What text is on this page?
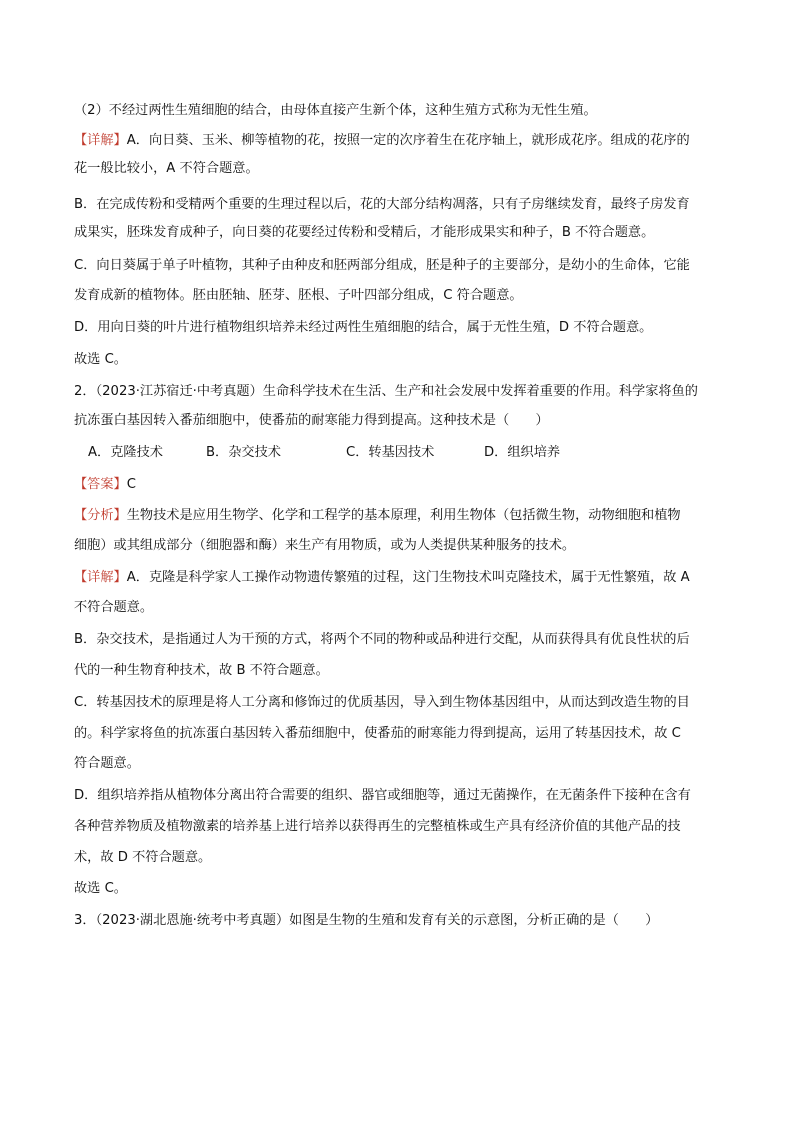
（2）不经过两性生殖细胞的结合，由母体直接产生新个体，这种生殖方式称为无性生殖。
【详解】A．向日葵、玉米、柳等植物的花，按照一定的次序着生在花序轴上，就形成花序。组成的花序的
花一般比较小，A 不符合题意。
B．在完成传粉和受精两个重要的生理过程以后，花的大部分结构凋落，只有子房继续发育，最终子房发育
成果实，胚珠发育成种子，向日葵的花要经过传粉和受精后，才能形成果实和种子，B 不符合题意。
C．向日葵属于单子叶植物，其种子由种皮和胚两部分组成，胚是种子的主要部分，是幼小的生命体，它能
发育成新的植物体。胚由胚轴、胚芽、胚根、子叶四部分组成，C 符合题意。
D．用向日葵的叶片进行植物组织培养未经过两性生殖细胞的结合，属于无性生殖，D 不符合题意。
故选 C。
2．（2023·江苏宿迁·中考真题）生命科学技术在生活、生产和社会发展中发挥着重要的作用。科学家将鱼的
抗冻蛋白基因转入番茄细胞中，使番茄的耐寒能力得到提高。这种技术是（　　）
A．克隆技术	B．杂交技术	C．转基因技术	D．组织培养
【答案】C
【分析】生物技术是应用生物学、化学和工程学的基本原理，利用生物体（包括微生物，动物细胞和植物
细胞）或其组成部分（细胞器和酶）来生产有用物质，或为人类提供某种服务的技术。
【详解】A．克隆是科学家人工操作动物遗传繁殖的过程，这门生物技术叫克隆技术，属于无性繁殖，故 A
不符合题意。
B．杂交技术，是指通过人为干预的方式，将两个不同的物种或品种进行交配，从而获得具有优良性状的后
代的一种生物育种技术，故 B 不符合题意。
C．转基因技术的原理是将人工分离和修饰过的优质基因，导入到生物体基因组中，从而达到改造生物的目
的。科学家将鱼的抗冻蛋白基因转入番茄细胞中，使番茄的耐寒能力得到提高，运用了转基因技术，故 C
符合题意。
D．组织培养指从植物体分离出符合需要的组织、器官或细胞等，通过无菌操作，在无菌条件下接种在含有
各种营养物质及植物激素的培养基上进行培养以获得再生的完整植株或生产具有经济价值的其他产品的技
术，故 D 不符合题意。
故选 C。
3．（2023·湖北恩施·统考中考真题）如图是生物的生殖和发育有关的示意图，分析正确的是（　　）
